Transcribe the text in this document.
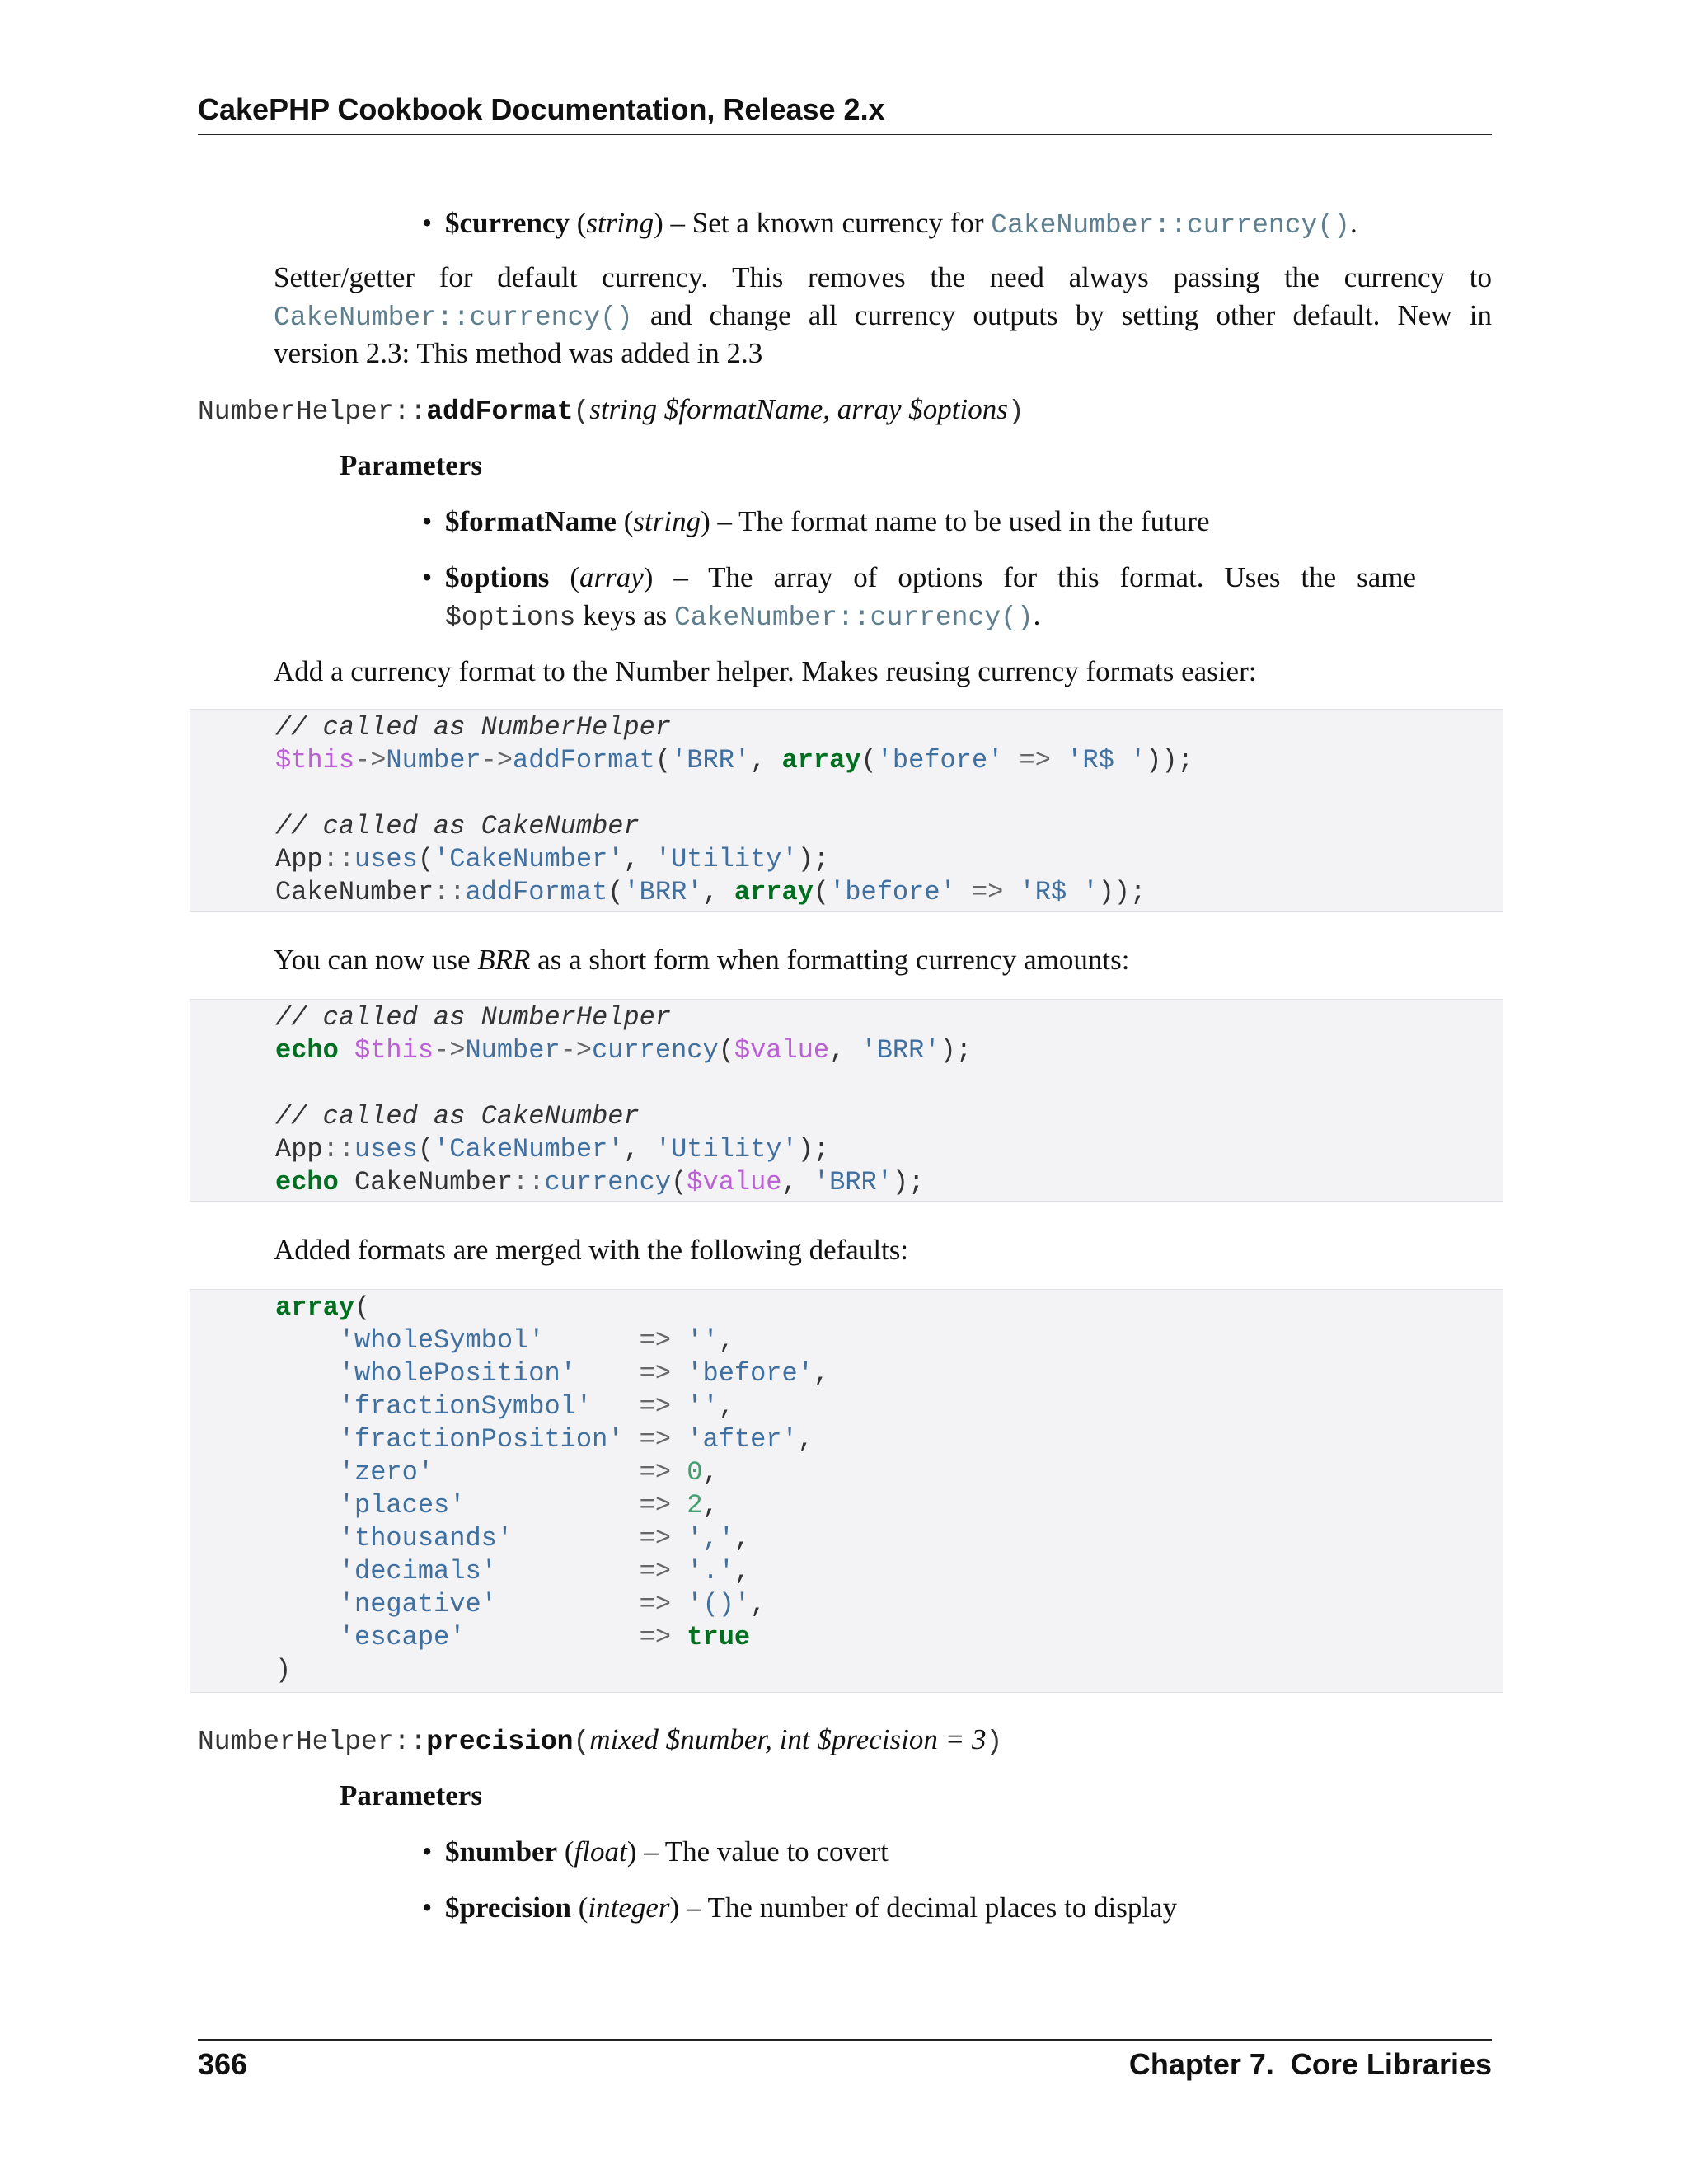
CakePHP Cookbook Documentation, Release 2.x
• $currency (string) – Set a known currency for CakeNumber::currency().
Setter/getter for default currency. This removes the need always passing the currency to
CakeNumber::currency() and change all currency outputs by setting other default. New in
version 2.3: This method was added in 2.3
NumberHelper::addFormat(string $formatName, array $options)
Parameters
• $formatName (string) – The format name to be used in the future
• $options (array) – The array of options for this format. Uses the same
$options keys as CakeNumber::currency().
Add a currency format to the Number helper. Makes reusing currency formats easier:
// called as NumberHelper
$this->Number->addFormat('BRR', array('before' => 'R$ '));
// called as CakeNumber
App::uses('CakeNumber', 'Utility');
CakeNumber::addFormat('BRR', array('before' => 'R$ '));
You can now use BRR as a short form when formatting currency amounts:
// called as NumberHelper
echo $this->Number->currency($value, 'BRR');
// called as CakeNumber
App::uses('CakeNumber', 'Utility');
echo CakeNumber::currency($value, 'BRR');
Added formats are merged with the following defaults:
array(
'wholeSymbol'	=> '',
'wholePosition' => 'before',
'fractionSymbol' => '',
'fractionPosition' => 'after',
'zero'	=> 0,
'places'	=> 2,
'thousands'	=> ',',
'decimals'	=> '.',
'negative'	=> '()',
'escape'	=> true
)
NumberHelper::precision(mixed $number, int $precision = 3)
Parameters
• $number (float) – The value to covert
• $precision (integer) – The number of decimal places to display
366	Chapter 7.  Core Libraries
